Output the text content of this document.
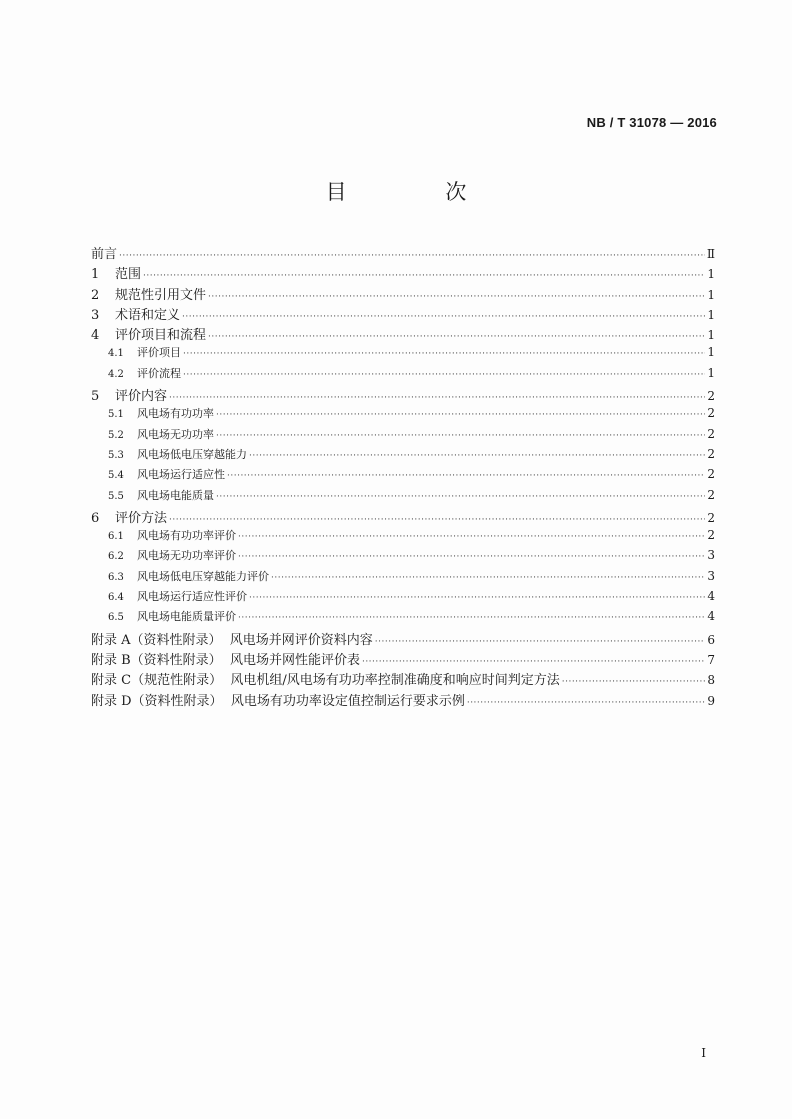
NB / T 31078 — 2016
目 次
前言 ·····	Ⅱ
1	范围 ·····	1
2	规范性引用文件 ·····	1
3	术语和定义 ·····	1
4	评价项目和流程 ·····	1
4.1	评价项目 ·····	1
4.2	评价流程 ·····	1
5	评价内容 ·····	2
5.1	风电场有功功率 ·····	2
5.2	风电场无功功率 ·····	2
5.3	风电场低电压穿越能力 ·····	2
5.4	风电场运行适应性 ·····	2
5.5	风电场电能质量 ·····	2
6	评价方法 ·····	2
6.1	风电场有功功率评价 ·····	2
6.2	风电场无功功率评价 ·····	3
6.3	风电场低电压穿越能力评价 ·····	3
6.4	风电场运行适应性评价 ·····	4
6.5	风电场电能质量评价 ·····	4
附录 A（资料性附录）  风电场并网评价资料内容 ·····	6
附录 B（资料性附录）  风电场并网性能评价表 ·····	7
附录 C（规范性附录）  风电机组/风电场有功功率控制准确度和响应时间判定方法 ·····	8
附录 D（资料性附录）  风电场有功功率设定值控制运行要求示例 ·····	9
I
